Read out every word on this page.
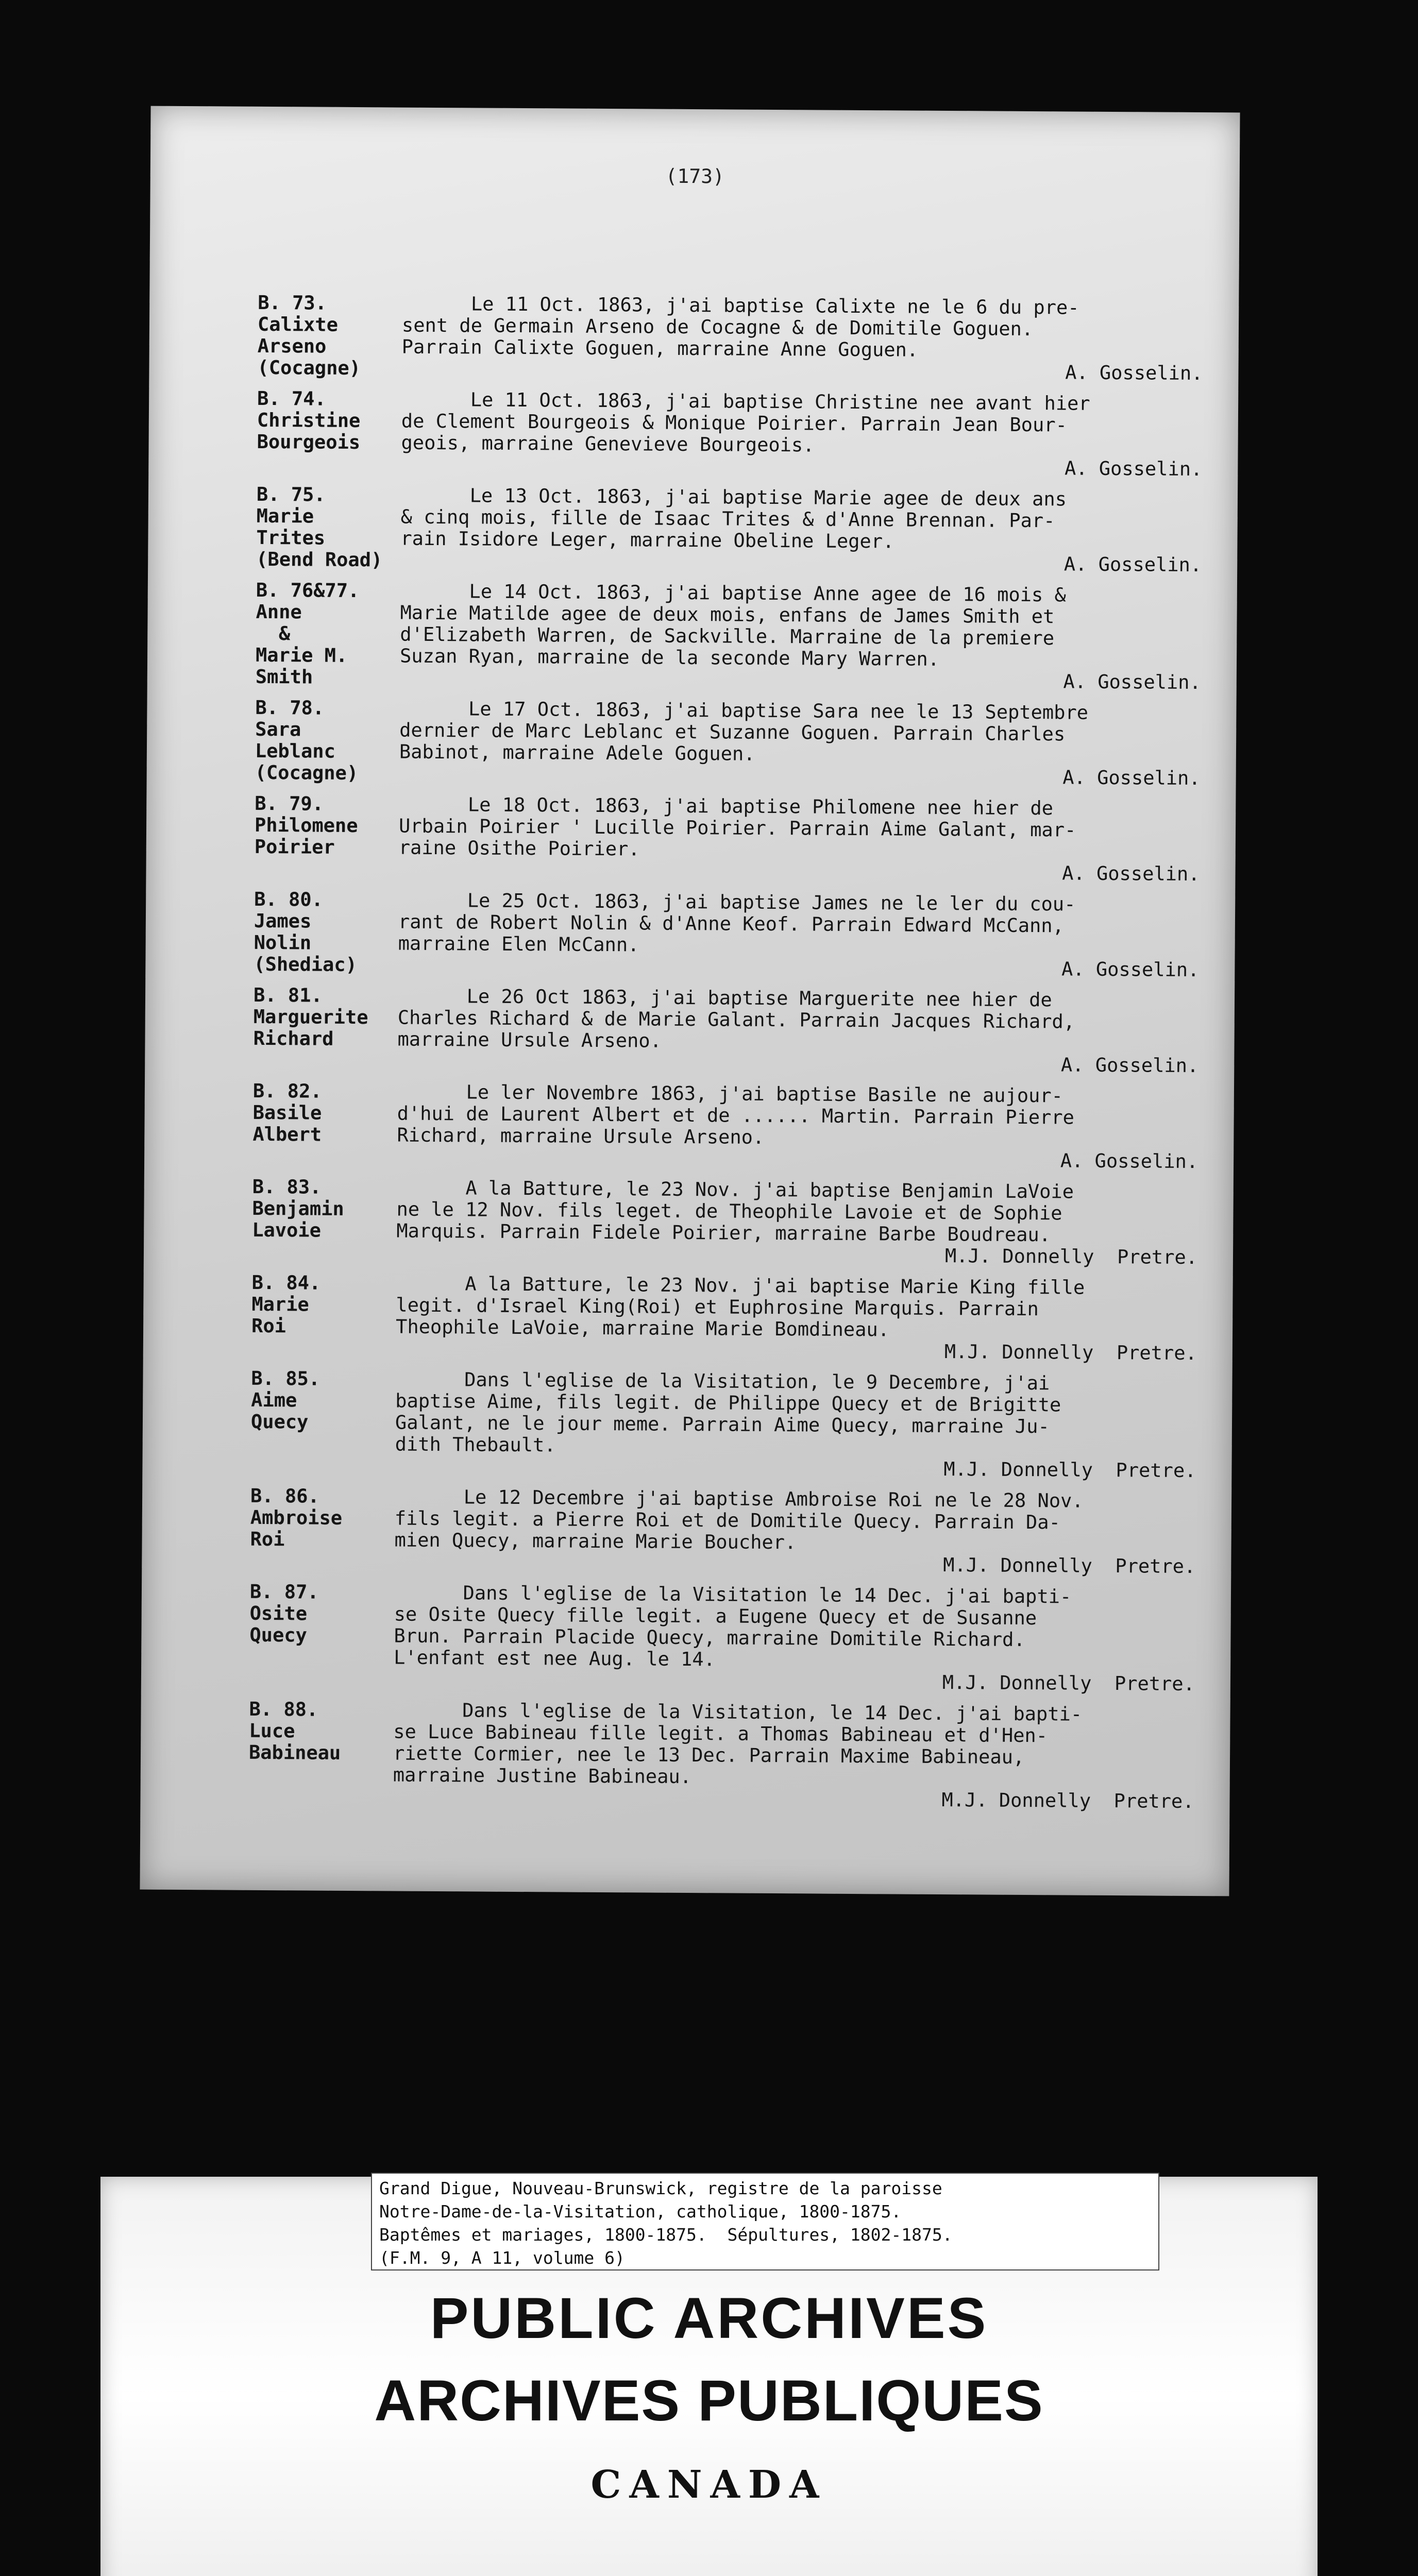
(173)
B. 73.
Calixte
Arseno
(Cocagne)
Le 11 Oct. 1863, j'ai baptise Calixte ne le 6 du pre-
sent de Germain Arseno de Cocagne & de Domitile Goguen.
Parrain Calixte Goguen, marraine Anne Goguen.
A. Gosselin.
B. 74.
Christine
Bourgeois
Le 11 Oct. 1863, j'ai baptise Christine nee avant hier
de Clement Bourgeois & Monique Poirier. Parrain Jean Bour-
geois, marraine Genevieve Bourgeois.
A. Gosselin.
B. 75.
Marie
Trites
(Bend Road)
Le 13 Oct. 1863, j'ai baptise Marie agee de deux ans
& cinq mois, fille de Isaac Trites & d'Anne Brennan. Par-
rain Isidore Leger, marraine Obeline Leger.
A. Gosselin.
B. 76&77.
Anne
&
Marie M.
Smith
Le 14 Oct. 1863, j'ai baptise Anne agee de 16 mois &
Marie Matilde agee de deux mois, enfans de James Smith et
d'Elizabeth Warren, de Sackville. Marraine de la premiere
Suzan Ryan, marraine de la seconde Mary Warren.
A. Gosselin.
B. 78.
Sara
Leblanc
(Cocagne)
Le 17 Oct. 1863, j'ai baptise Sara nee le 13 Septembre
dernier de Marc Leblanc et Suzanne Goguen. Parrain Charles
Babinot, marraine Adele Goguen.
A. Gosselin.
B. 79.
Philomene
Poirier
Le 18 Oct. 1863, j'ai baptise Philomene nee hier de
Urbain Poirier ' Lucille Poirier. Parrain Aime Galant, mar-
raine Osithe Poirier.
A. Gosselin.
B. 80.
James
Nolin
(Shediac)
Le 25 Oct. 1863, j'ai baptise James ne le ler du cou-
rant de Robert Nolin & d'Anne Keof. Parrain Edward McCann,
marraine Elen McCann.
A. Gosselin.
B. 81.
Marguerite
Richard
Le 26 Oct 1863, j'ai baptise Marguerite nee hier de
Charles Richard & de Marie Galant. Parrain Jacques Richard,
marraine Ursule Arseno.
A. Gosselin.
B. 82.
Basile
Albert
Le ler Novembre 1863, j'ai baptise Basile ne aujour-
d'hui de Laurent Albert et de ...... Martin. Parrain Pierre
Richard, marraine Ursule Arseno.
A. Gosselin.
B. 83.
Benjamin
Lavoie
A la Batture, le 23 Nov. j'ai baptise Benjamin LaVoie
ne le 12 Nov. fils leget. de Theophile Lavoie et de Sophie
Marquis. Parrain Fidele Poirier, marraine Barbe Boudreau.
M.J. Donnelly  Pretre.
B. 84.
Marie
Roi
A la Batture, le 23 Nov. j'ai baptise Marie King fille
legit. d'Israel King(Roi) et Euphrosine Marquis. Parrain
Theophile LaVoie, marraine Marie Bomdineau.
M.J. Donnelly  Pretre.
B. 85.
Aime
Quecy
Dans l'eglise de la Visitation, le 9 Decembre, j'ai
baptise Aime, fils legit. de Philippe Quecy et de Brigitte
Galant, ne le jour meme. Parrain Aime Quecy, marraine Ju-
dith Thebault.
M.J. Donnelly  Pretre.
B. 86.
Ambroise
Roi
Le 12 Decembre j'ai baptise Ambroise Roi ne le 28 Nov.
fils legit. a Pierre Roi et de Domitile Quecy. Parrain Da-
mien Quecy, marraine Marie Boucher.
M.J. Donnelly  Pretre.
B. 87.
Osite
Quecy
Dans l'eglise de la Visitation le 14 Dec. j'ai bapti-
se Osite Quecy fille legit. a Eugene Quecy et de Susanne
Brun. Parrain Placide Quecy, marraine Domitile Richard.
L'enfant est nee Aug. le 14.
M.J. Donnelly  Pretre.
B. 88.
Luce
Babineau
Dans l'eglise de la Visitation, le 14 Dec. j'ai bapti-
se Luce Babineau fille legit. a Thomas Babineau et d'Hen-
riette Cormier, nee le 13 Dec. Parrain Maxime Babineau,
marraine Justine Babineau.
M.J. Donnelly  Pretre.
Grand Digue, Nouveau-Brunswick, registre de la paroisse
Notre-Dame-de-la-Visitation, catholique, 1800-1875.
Baptêmes et mariages, 1800-1875.  Sépultures, 1802-1875.
(F.M. 9, A 11, volume 6)
PUBLIC ARCHIVES
ARCHIVES PUBLIQUES
CANADA
